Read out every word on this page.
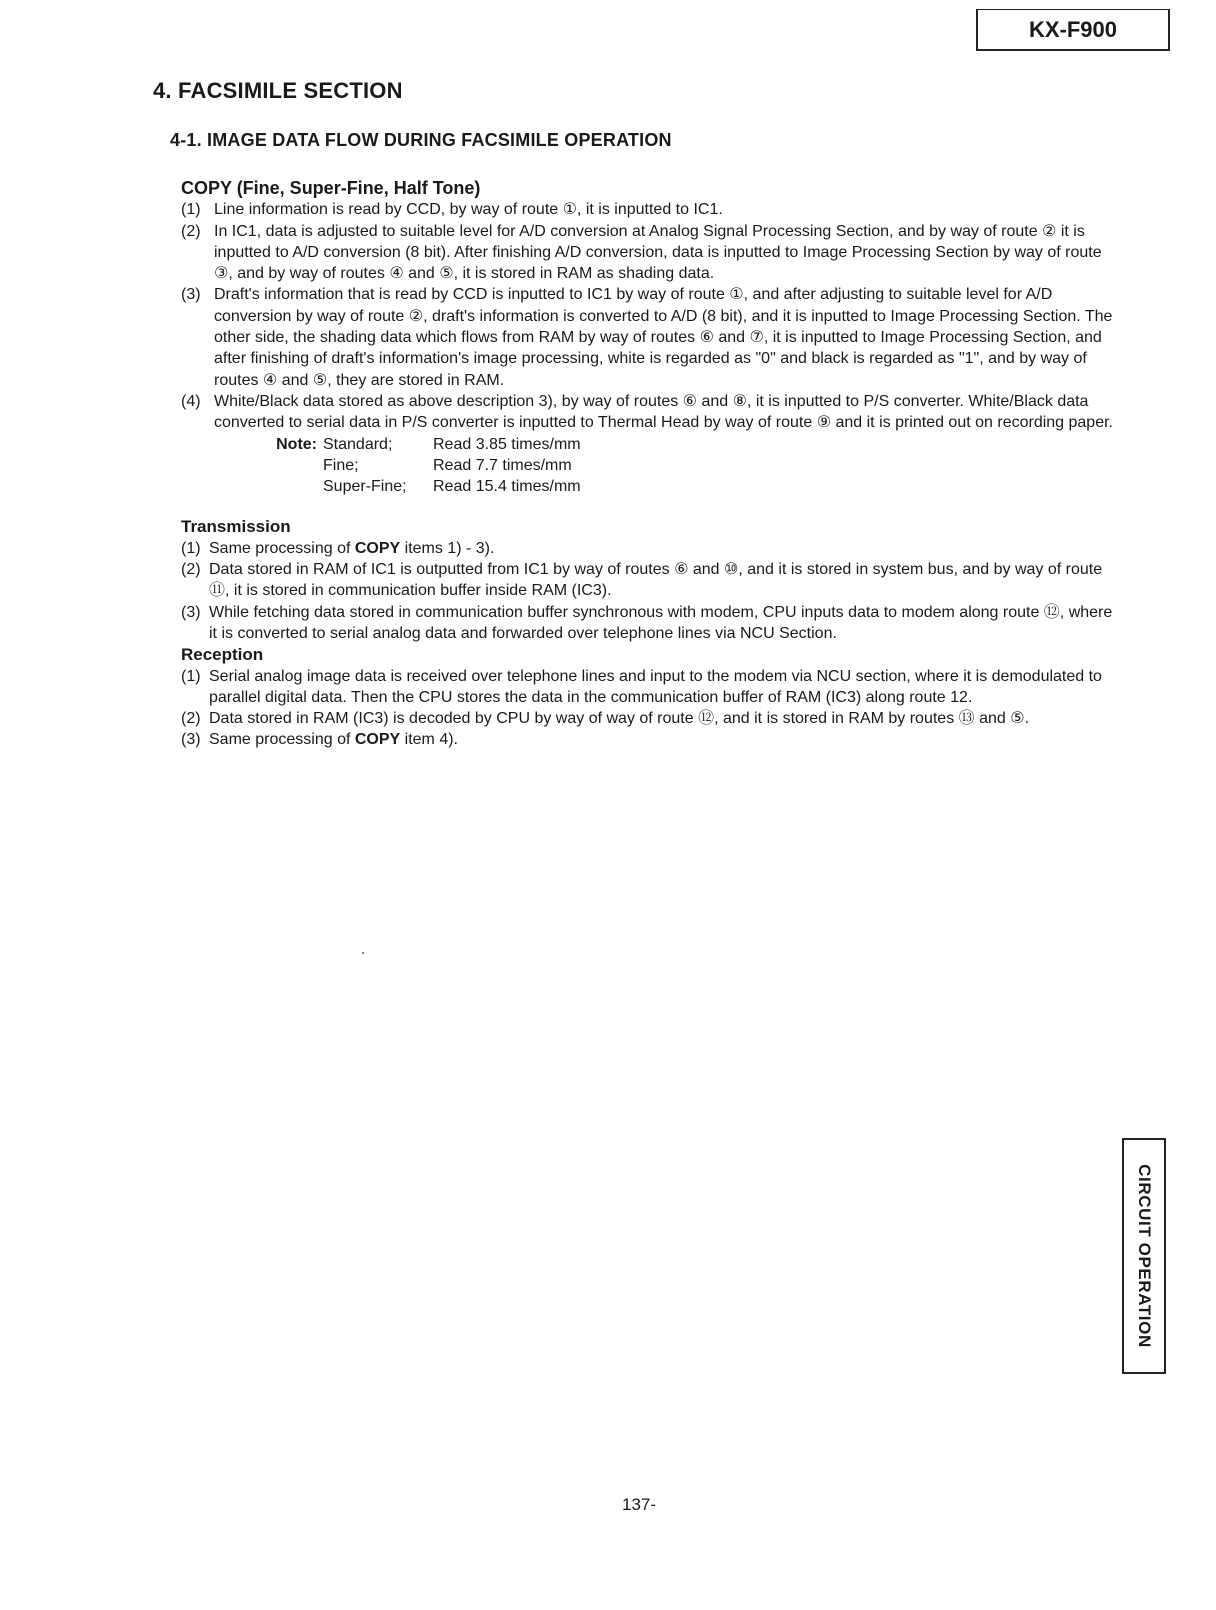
KX-F900
4. FACSIMILE SECTION
4-1. IMAGE DATA FLOW DURING FACSIMILE OPERATION
COPY (Fine, Super-Fine, Half Tone)
(1) Line information is read by CCD, by way of route ①, it is inputted to IC1.
(2) In IC1, data is adjusted to suitable level for A/D conversion at Analog Signal Processing Section, and by way of route ② it is inputted to A/D conversion (8 bit). After finishing A/D conversion, data is inputted to Image Processing Section by way of route ③, and by way of routes ④ and ⑤, it is stored in RAM as shading data.
(3) Draft's information that is read by CCD is inputted to IC1 by way of route ①, and after adjusting to suitable level for A/D conversion by way of route ②, draft's information is converted to A/D (8 bit), and it is inputted to Image Processing Section. The other side, the shading data which flows from RAM by way of routes ⑥ and ⑦, it is inputted to Image Processing Section, and after finishing of draft's information's image processing, white is regarded as "0" and black is regarded as "1", and by way of routes ④ and ⑤, they are stored in RAM.
(4) White/Black data stored as above description 3), by way of routes ⑥ and ⑧, it is inputted to P/S converter. White/Black data converted to serial data in P/S converter is inputted to Thermal Head by way of route ⑨ and it is printed out on recording paper.
Note:	Standard;	Read 3.85 times/mm
	Fine;	Read 7.7 times/mm
	Super-Fine;	Read 15.4 times/mm
Transmission
(1) Same processing of COPY items 1) - 3).
(2) Data stored in RAM of IC1 is outputted from IC1 by way of routes ⑥ and ⑩, and it is stored in system bus, and by way of route ⑪, it is stored in communication buffer inside RAM (IC3).
(3) While fetching data stored in communication buffer synchronous with modem, CPU inputs data to modem along route ⑫, where it is converted to serial analog data and forwarded over telephone lines via NCU Section.
Reception
(1) Serial analog image data is received over telephone lines and input to the modem via NCU section, where it is demodulated to parallel digital data. Then the CPU stores the data in the communication buffer of RAM (IC3) along route 12.
(2) Data stored in RAM (IC3) is decoded by CPU by way of way of route ⑫, and it is stored in RAM by routes ⑬ and ⑤.
(3) Same processing of COPY item 4).
137-
CIRCUIT OPERATION
